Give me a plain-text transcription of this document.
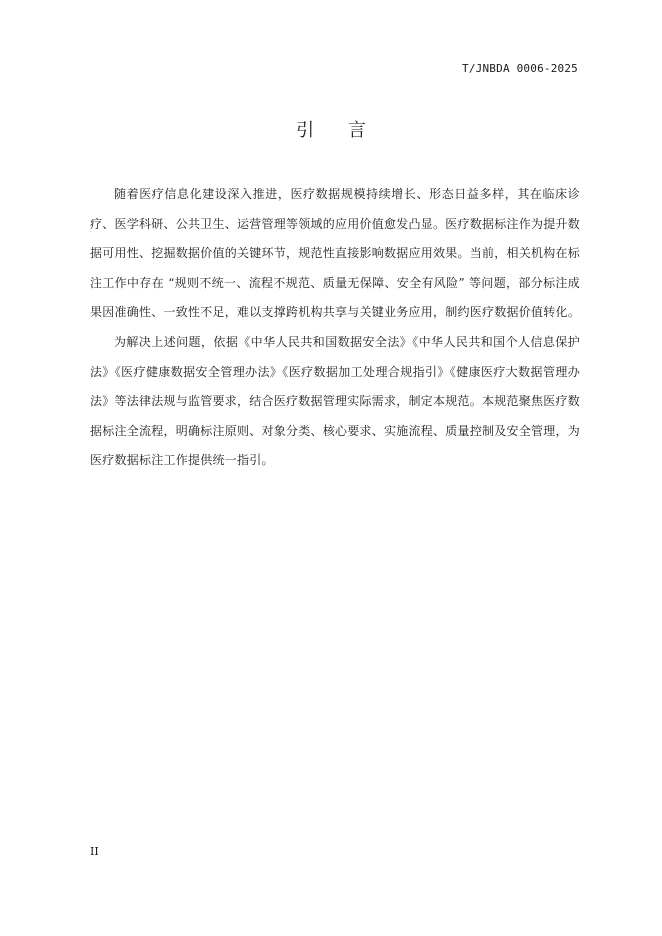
T/JNBDA 0006-2025
引 言

随着医疗信息化建设深入推进，医疗数据规模持续增长、形态日益多样，其在临床诊疗、医学科研、公共卫生、运营管理等领域的应用价值愈发凸显。医疗数据标注作为提升数据可用性、挖掘数据价值的关键环节，规范性直接影响数据应用效果。当前，相关机构在标注工作中存在 “规则不统一、流程不规范、质量无保障、安全有风险” 等问题，部分标注成果因准确性、一致性不足，难以支撑跨机构共享与关键业务应用，制约医疗数据价值转化。

为解决上述问题，依据《中华人民共和国数据安全法》《中华人民共和国个人信息保护法》《医疗健康数据安全管理办法》《医疗数据加工处理合规指引》《健康医疗大数据管理办法》等法律法规与监管要求，结合医疗数据管理实际需求，制定本规范。本规范聚焦医疗数据标注全流程，明确标注原则、对象分类、核心要求、实施流程、质量控制及安全管理，为医疗数据标注工作提供统一指引。

II
